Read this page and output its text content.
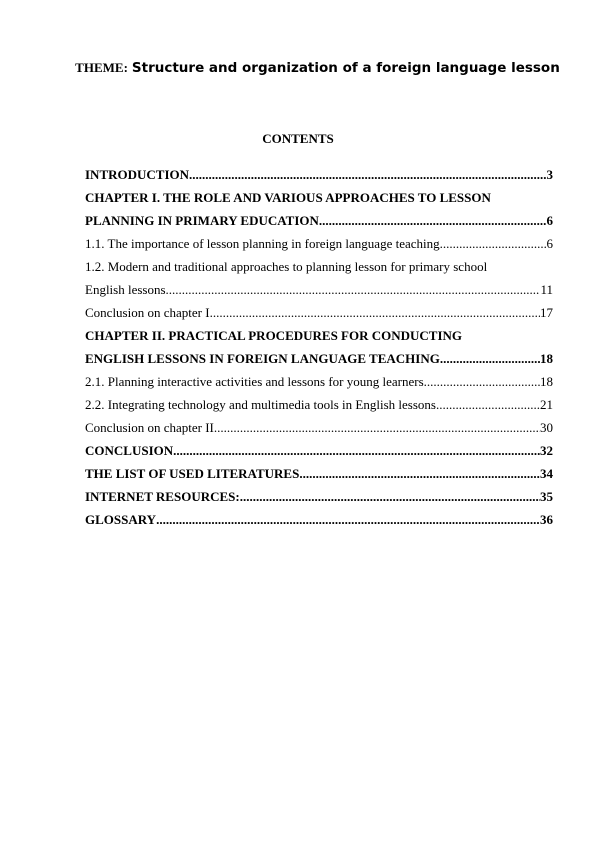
THEME: Structure and organization of a foreign language lesson
CONTENTS
INTRODUCTION .....	3
CHAPTER I. THE ROLE AND VARIOUS APPROACHES TO LESSON
PLANNING IN PRIMARY EDUCATION .....	6
1.1. The importance of lesson planning in foreign language teaching .....	6
1.2. Modern and traditional approaches to planning lesson for primary school
English lessons .....	11
Conclusion on chapter I .....	17
CHAPTER II. PRACTICAL PROCEDURES FOR CONDUCTING
ENGLISH LESSONS IN FOREIGN LANGUAGE TEACHING .....	18
2.1. Planning interactive activities and lessons for young learners .....	18
2.2. Integrating technology and multimedia tools in English lessons .....	21
Conclusion on chapter II .....	30
CONCLUSION .....	32
THE LIST OF USED LITERATURES .....	34
INTERNET RESOURCES: .....	35
GLOSSARY .....	36
